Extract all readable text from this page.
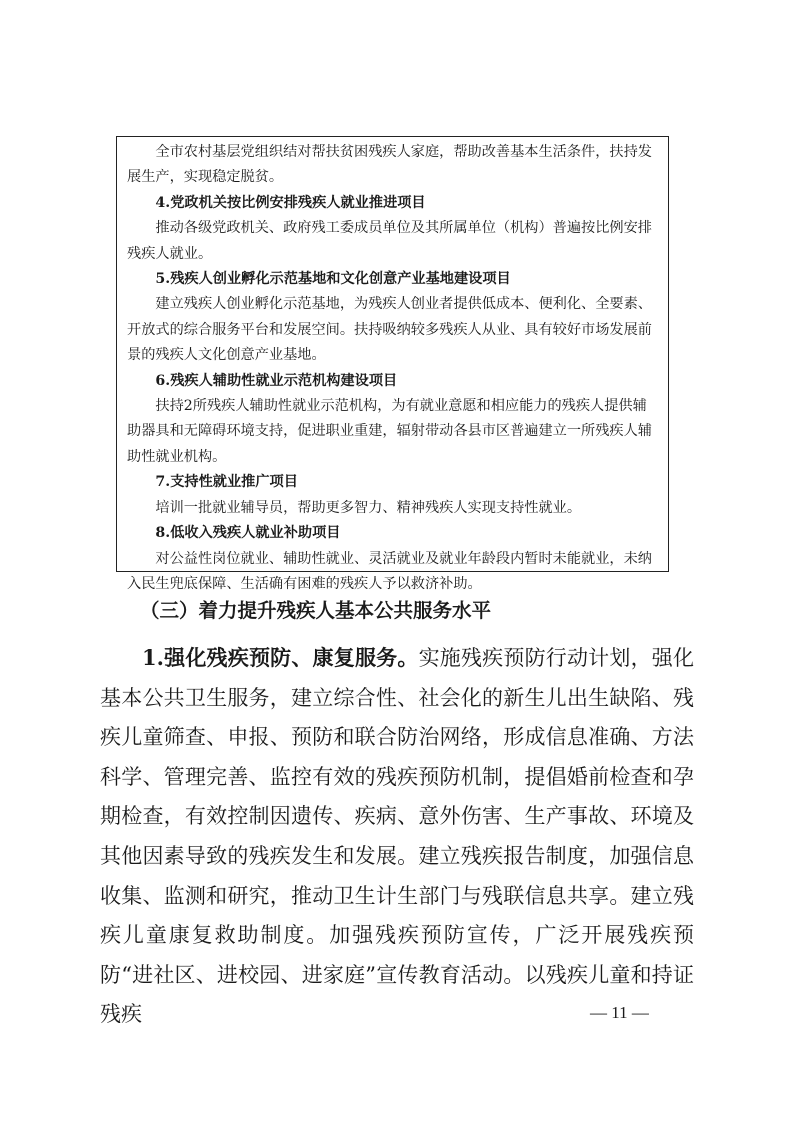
全市农村基层党组织结对帮扶贫困残疾人家庭，帮助改善基本生活条件，扶持发展生产，实现稳定脱贫。

4.党政机关按比例安排残疾人就业推进项目

推动各级党政机关、政府残工委成员单位及其所属单位（机构）普遍按比例安排残疾人就业。

5.残疾人创业孵化示范基地和文化创意产业基地建设项目

建立残疾人创业孵化示范基地，为残疾人创业者提供低成本、便利化、全要素、开放式的综合服务平台和发展空间。扶持吸纳较多残疾人从业、具有较好市场发展前景的残疾人文化创意产业基地。

6.残疾人辅助性就业示范机构建设项目

扶持2所残疾人辅助性就业示范机构，为有就业意愿和相应能力的残疾人提供辅助器具和无障碍环境支持，促进职业重建，辐射带动各县市区普遍建立一所残疾人辅助性就业机构。

7.支持性就业推广项目

培训一批就业辅导员，帮助更多智力、精神残疾人实现支持性就业。

8.低收入残疾人就业补助项目

对公益性岗位就业、辅助性就业、灵活就业及就业年龄段内暂时未能就业，未纳入民生兜底保障、生活确有困难的残疾人予以救济补助。

（三）着力提升残疾人基本公共服务水平

1.强化残疾预防、康复服务。实施残疾预防行动计划，强化基本公共卫生服务，建立综合性、社会化的新生儿出生缺陷、残疾儿童筛查、申报、预防和联合防治网络，形成信息准确、方法科学、管理完善、监控有效的残疾预防机制，提倡婚前检查和孕期检查，有效控制因遗传、疾病、意外伤害、生产事故、环境及其他因素导致的残疾发生和发展。建立残疾报告制度，加强信息收集、监测和研究，推动卫生计生部门与残联信息共享。建立残疾儿童康复救助制度。加强残疾预防宣传，广泛开展残疾预防“进社区、进校园、进家庭”宣传教育活动。以残疾儿童和持证残疾	— 11 —
